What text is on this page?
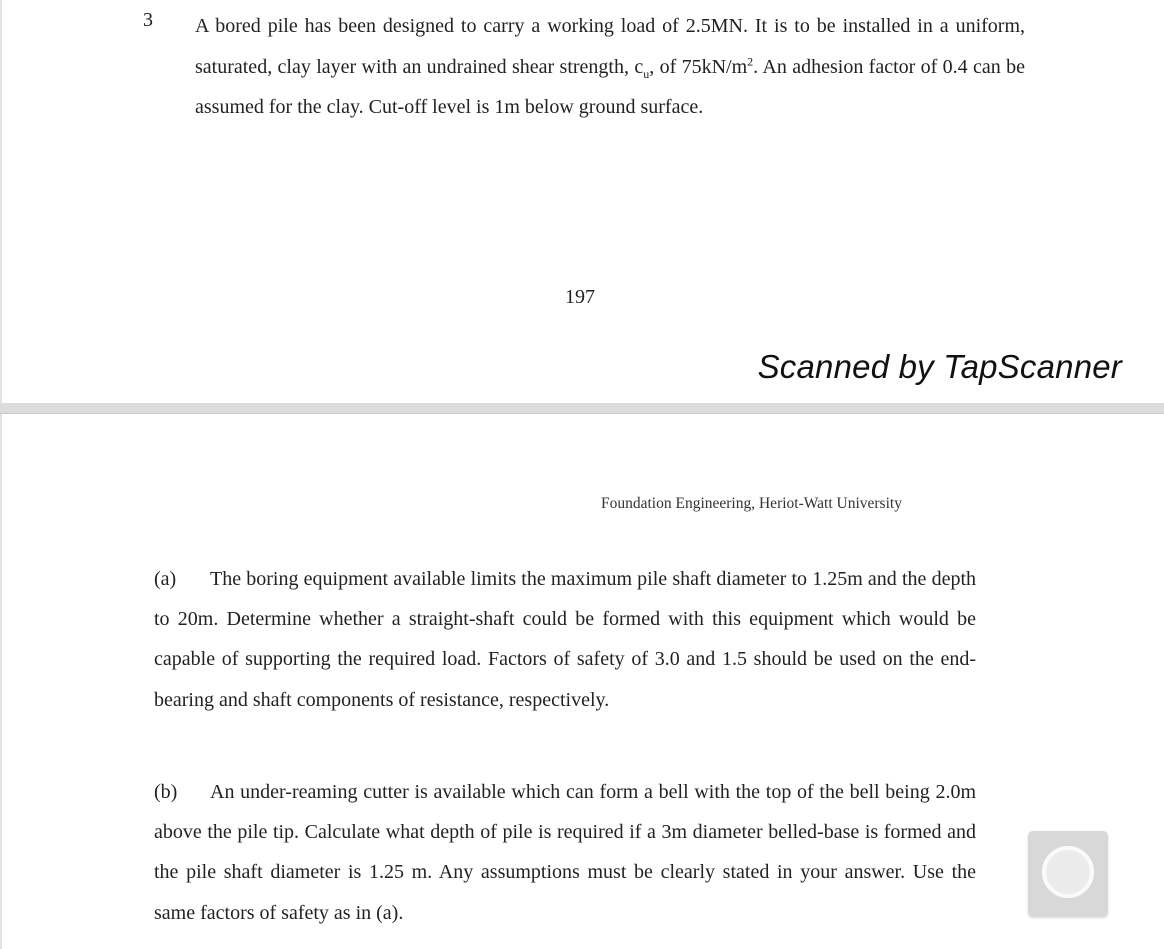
3 A bored pile has been designed to carry a working load of 2.5MN. It is to be installed in a uniform, saturated, clay layer with an undrained shear strength, $c_u$, of $75kN/m^2$. An adhesion factor of 0.4 can be assumed for the clay. Cut-off level is 1m below ground surface.

197
Scanned by TapScanner
Foundation Engineering, Heriot-Watt University

(a) The boring equipment available limits the maximum pile shaft diameter to 1.25m and the depth to 20m. Determine whether a straight-shaft could be formed with this equipment which would be capable of supporting the required load. Factors of safety of 3.0 and 1.5 should be used on the end-bearing and shaft components of resistance, respectively.

(b) An under-reaming cutter is available which can form a bell with the top of the bell being 2.0m above the pile tip. Calculate what depth of pile is required if a 3m diameter belled-base is formed and the pile shaft diameter is 1.25 m. Any assumptions must be clearly stated in your answer. Use the same factors of safety as in (a).
